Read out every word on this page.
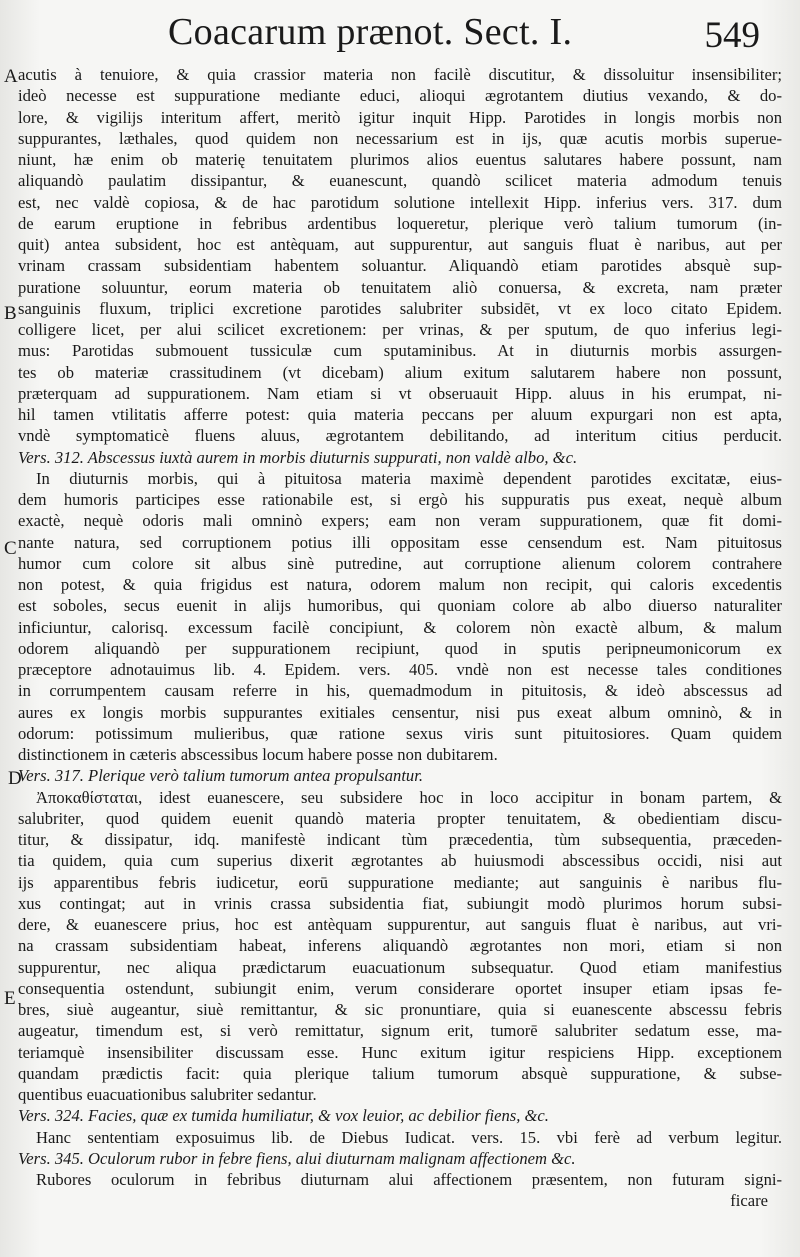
Coacarum prænot. Sect. I.	549
A
B
C
D
E
acutis à tenuiore, & quia crassior materia non facilè discutitur, & dissoluitur insensibiliter;
ideò necesse est suppuratione mediante educi, alioqui ægrotantem diutius vexando, & do-
lore, & vigilijs interitum affert, meritò igitur inquit Hipp. Parotides in longis morbis non
suppurantes, læthales, quod quidem non necessarium est in ijs, quæ acutis morbis superue-
niunt, hæ enim ob materię tenuitatem plurimos alios euentus salutares habere possunt, nam
aliquandò paulatim dissipantur, & euanescunt, quandò scilicet materia admodum tenuis
est, nec valdè copiosa, & de hac parotidum solutione intellexit Hipp. inferius vers. 317. dum
de earum eruptione in febribus ardentibus loqueretur, plerique verò talium tumorum (in-
quit) antea subsident, hoc est antèquam, aut suppurentur, aut sanguis fluat è naribus, aut per
vrinam crassam subsidentiam habentem soluantur. Aliquandò etiam parotides absquè sup-
puratione soluuntur, eorum materia ob tenuitatem aliò conuersa, & excreta, nam præter
sanguinis fluxum, triplici excretione parotides salubriter subsidēt, vt ex loco citato Epidem.
colligere licet, per alui scilicet excretionem: per vrinas, & per sputum, de quo inferius legi-
mus: Parotidas submouent tussiculæ cum sputaminibus. At in diuturnis morbis assurgen-
tes ob materiæ crassitudinem (vt dicebam) alium exitum salutarem habere non possunt,
præterquam ad suppurationem. Nam etiam si vt obseruauit Hipp. aluus in his erumpat, ni-
hil tamen vtilitatis afferre potest: quia materia peccans per aluum expurgari non est apta,
vndè symptomaticè fluens aluus, ægrotantem debilitando, ad interitum citius perducit.
Vers. 312. Abscessus iuxtà aurem in morbis diuturnis suppurati, non valdè albo, &c.
In diuturnis morbis, qui à pituitosa materia maximè dependent parotides excitatæ, eius-
dem humoris participes esse rationabile est, si ergò his suppuratis pus exeat, nequè album
exactè, nequè odoris mali omninò expers; eam non veram suppurationem, quæ fit domi-
nante natura, sed corruptionem potius illi oppositam esse censendum est. Nam pituitosus
humor cum colore sit albus sinè putredine, aut corruptione alienum colorem contrahere
non potest, & quia frigidus est natura, odorem malum non recipit, qui caloris excedentis
est soboles, secus euenit in alijs humoribus, qui quoniam colore ab albo diuerso naturaliter
inficiuntur, calorisq. excessum facilè concipiunt, & colorem nòn exactè album, & malum
odorem aliquandò per suppurationem recipiunt, quod in sputis peripneumonicorum ex
præceptore adnotauimus lib. 4. Epidem. vers. 405. vndè non est necesse tales conditiones
in corrumpentem causam referre in his, quemadmodum in pituitosis, & ideò abscessus ad
aures ex longis morbis suppurantes exitiales censentur, nisi pus exeat album omninò, & in
odorum: potissimum mulieribus, quæ ratione sexus viris sunt pituitosiores. Quam quidem
distinctionem in cæteris abscessibus locum habere posse non dubitarem.
Vers. 317. Plerique verò talium tumorum antea propulsantur.
Ἀποκαθίσταται, idest euanescere, seu subsidere hoc in loco accipitur in bonam partem, &
salubriter, quod quidem euenit quandò materia propter tenuitatem, & obedientiam discu-
titur, & dissipatur, idq. manifestè indicant tùm præcedentia, tùm subsequentia, præceden-
tia quidem, quia cum superius dixerit ægrotantes ab huiusmodi abscessibus occidi, nisi aut
ijs apparentibus febris iudicetur, eorū suppuratione mediante; aut sanguinis è naribus flu-
xus contingat; aut in vrinis crassa subsidentia fiat, subiungit modò plurimos horum subsi-
dere, & euanescere prius, hoc est antèquam suppurentur, aut sanguis fluat è naribus, aut vri-
na crassam subsidentiam habeat, inferens aliquandò ægrotantes non mori, etiam si non
suppurentur, nec aliqua prædictarum euacuationum subsequatur. Quod etiam manifestius
consequentia ostendunt, subiungit enim, verum considerare oportet insuper etiam ipsas fe-
bres, siuè augeantur, siuè remittantur, & sic pronuntiare, quia si euanescente abscessu febris
augeatur, timendum est, si verò remittatur, signum erit, tumorē salubriter sedatum esse, ma-
teriamquè insensibiliter discussam esse. Hunc exitum igitur respiciens Hipp. exceptionem
quandam prædictis facit: quia plerique talium tumorum absquè suppuratione, & subse-
quentibus euacuationibus salubriter sedantur.
Vers. 324. Facies, quæ ex tumida humiliatur, & vox leuior, ac debilior fiens, &c.
Hanc sententiam exposuimus lib. de Diebus Iudicat. vers. 15. vbi ferè ad verbum legitur.
Vers. 345. Oculorum rubor in febre fiens, alui diuturnam malignam affectionem &c.
Rubores oculorum in febribus diuturnam alui affectionem præsentem, non futuram signi-
ficare
